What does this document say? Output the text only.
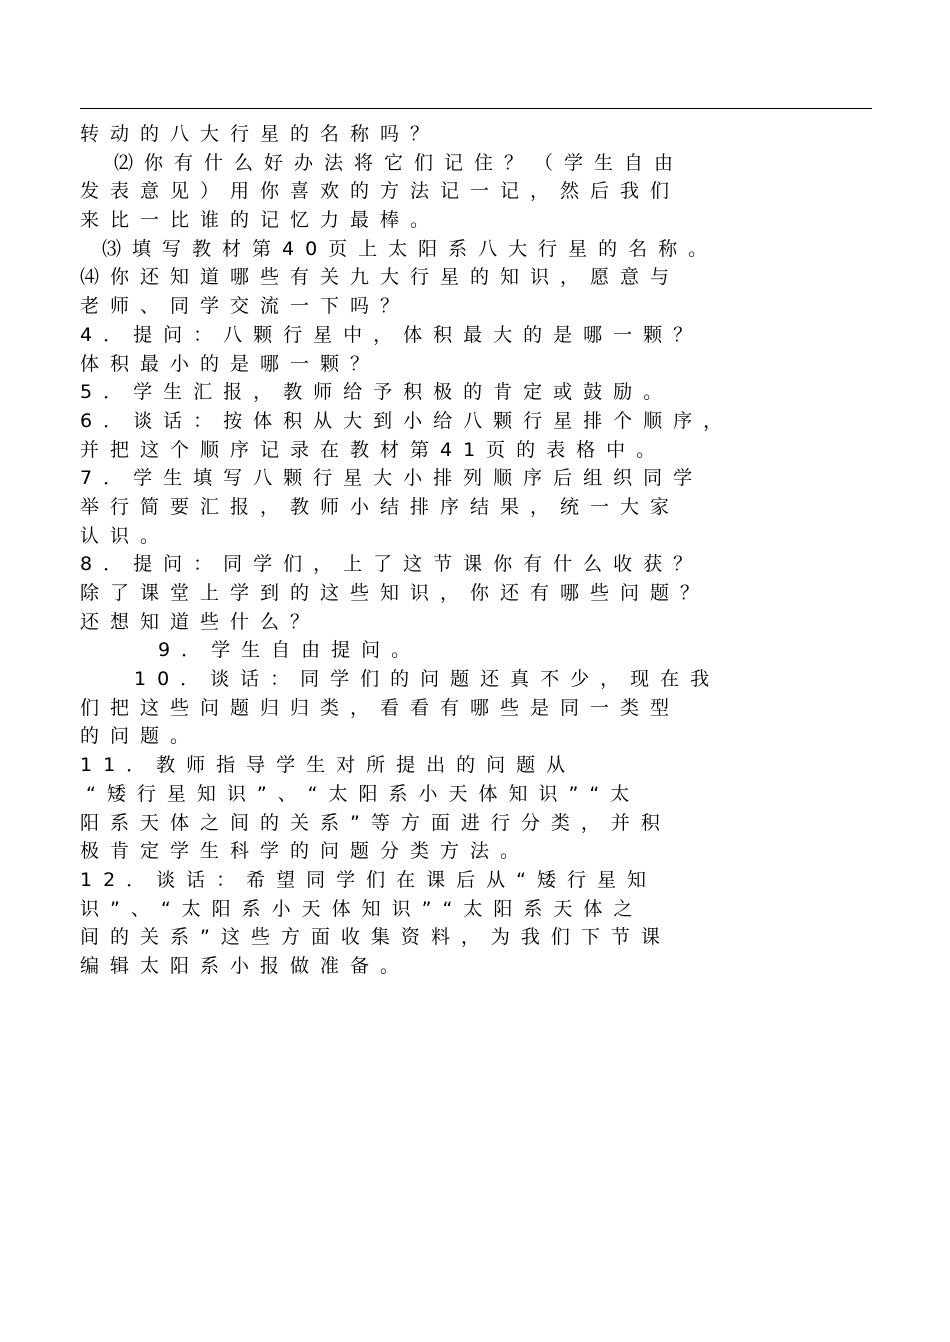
转动的八大行星的名称吗？
⑵你有什么好办法将它们记住？（学生自由
发表意见）用你喜欢的方法记一记，然后我们
来比一比谁的记忆力最棒。
⑶填写教材第40页上太阳系八大行星的名称。
⑷你还知道哪些有关九大行星的知识，愿意与
老师、同学交流一下吗？
4．提问：八颗行星中，体积最大的是哪一颗？
体积最小的是哪一颗？
5．学生汇报，教师给予积极的肯定或鼓励。
6．谈话：按体积从大到小给八颗行星排个顺序，
并把这个顺序记录在教材第41页的表格中。
7．学生填写八颗行星大小排列顺序后组织同学
举行简要汇报，教师小结排序结果，统一大家
认识。
8．提问：同学们，上了这节课你有什么收获？
除了课堂上学到的这些知识，你还有哪些问题？
还想知道些什么？
9．学生自由提问。
10．谈话：同学们的问题还真不少，现在我
们把这些问题归归类，看看有哪些是同一类型
的问题。
11．教师指导学生对所提出的问题从
“矮行星知识”、“太阳系小天体知识”“太
阳系天体之间的关系”等方面进行分类，并积
极肯定学生科学的问题分类方法。
12．谈话：希望同学们在课后从“矮行星知
识”、“太阳系小天体知识”“太阳系天体之
间的关系”这些方面收集资料，为我们下节课
编辑太阳系小报做准备。
